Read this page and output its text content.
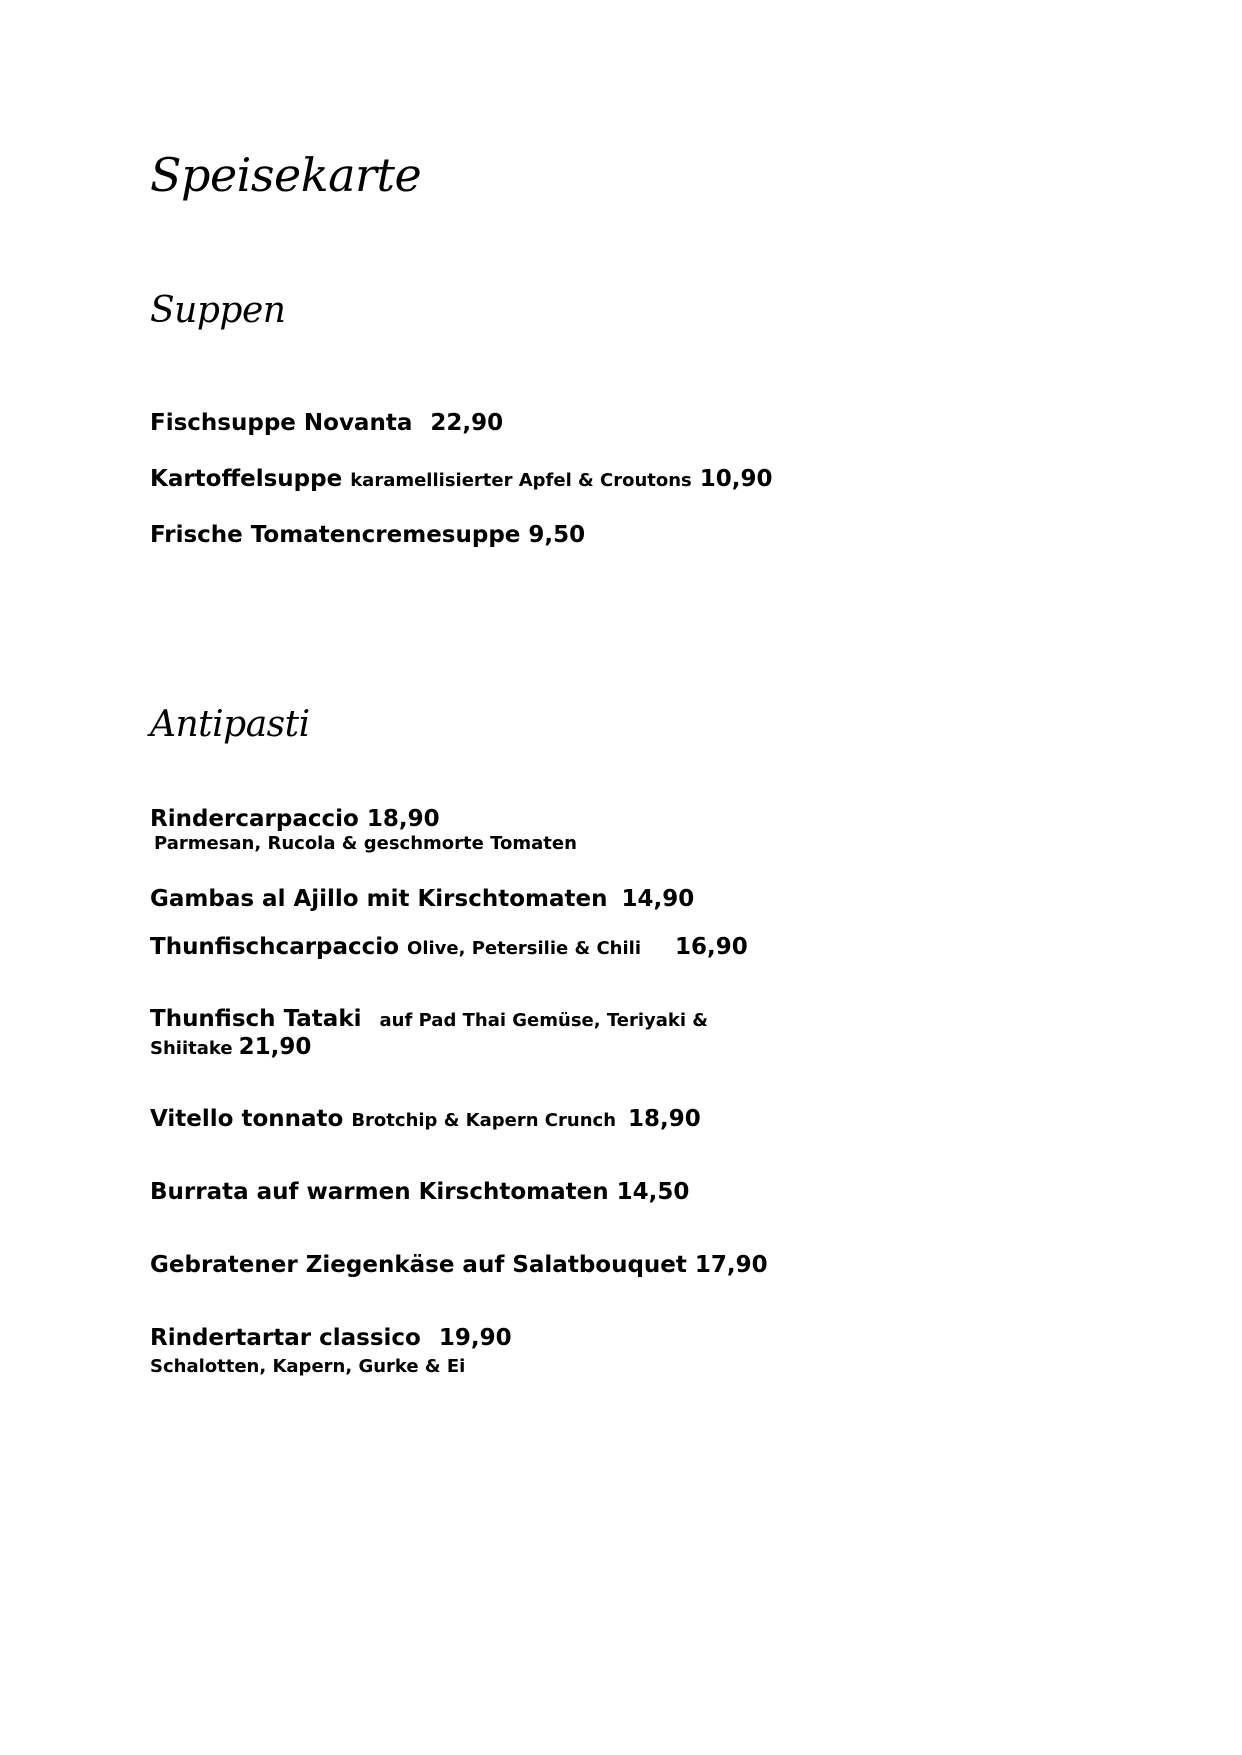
Speisekarte
Suppen
Fischsuppe Novanta 22,90
Kartoffelsuppe karamellisierter Apfel & Croutons 10,90
Frische Tomatencremesuppe 9,50
Antipasti
Rindercarpaccio 18,90
Parmesan, Rucola & geschmorte Tomaten
Gambas al Ajillo mit Kirschtomaten 14,90
Thunfischcarpaccio Olive, Petersilie & Chili 16,90
Thunfisch Tataki auf Pad Thai Gemüse, Teriyaki &
Shiitake 21,90
Vitello tonnato Brotchip & Kapern Crunch 18,90
Burrata auf warmen Kirschtomaten 14,50
Gebratener Ziegenkäse auf Salatbouquet 17,90
Rindertartar classico 19,90
Schalotten, Kapern, Gurke & Ei
